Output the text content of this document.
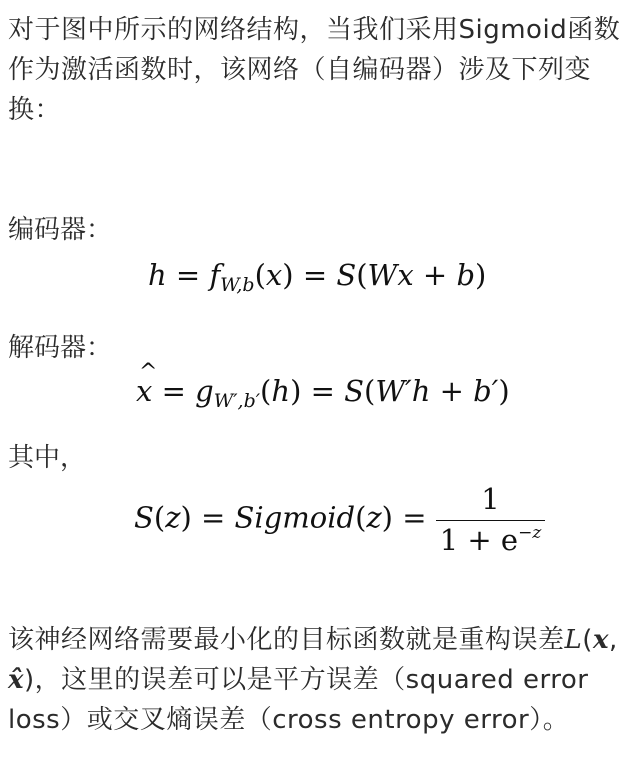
对于图中所示的网络结构，当我们采用Sigmoid函数作为激活函数时，该网络（自编码器）涉及下列变换：

编码器：

$h = f_{W,b}(x) = S(Wx + b)$

解码器：

^ $x = g_{W',b'}(h) = S(W'h + b')$

其中，

S(z) = Sigmoid(z) = $\frac{1}{1 + e^{-z}}$

该神经网络需要最小化的目标函数就是重构误差L(x, x̂)，这里的误差可以是平方误差（squared error loss）或交叉熵误差（cross entropy error）。
